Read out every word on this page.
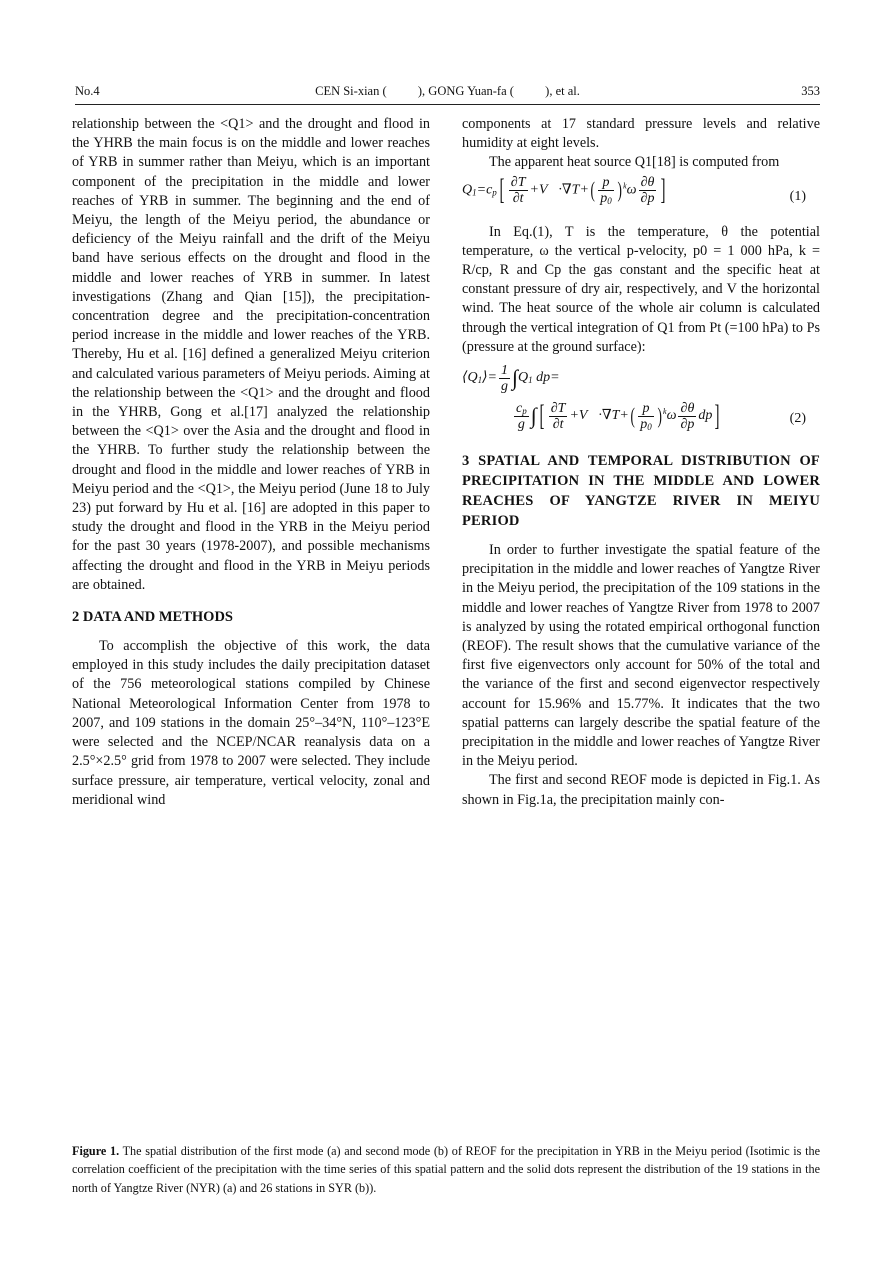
No.4	CEN Si-xian (          ), GONG Yuan-fa (          ), et al.	353

relationship between the <Q1> and the drought and flood in the YHRB the main focus is on the middle and lower reaches of YRB in summer rather than Meiyu, which is an important component of the precipitation in the middle and lower reaches of YRB in summer. The beginning and the end of Meiyu, the length of the Meiyu period, the abundance or deficiency of the Meiyu rainfall and the drift of the Meiyu band have serious effects on the drought and flood in the middle and lower reaches of YRB in summer. In latest investigations (Zhang and Qian [15]), the precipitation-concentration degree and the precipitation-concentration period increase in the middle and lower reaches of the YRB. Thereby, Hu et al. [16] defined a generalized Meiyu criterion and calculated various parameters of Meiyu periods. Aiming at the relationship between the <Q1> and the drought and flood in the YHRB, Gong et al.[17] analyzed the relationship between the <Q1> over the Asia and the drought and flood in the YHRB. To further study the relationship between the drought and flood in the middle and lower reaches of YRB in Meiyu period and the <Q1>, the Meiyu period (June 18 to July 23) put forward by Hu et al. [16] are adopted in this paper to study the drought and flood in the YRB in the Meiyu period for the past 30 years (1978-2007), and possible mechanisms affecting the drought and flood in the YRB in Meiyu periods are obtained.

2 DATA AND METHODS

To accomplish the objective of this work, the data employed in this study includes the daily precipitation dataset of the 756 meteorological stations compiled by Chinese National Meteorological Information Center from 1978 to 2007, and 109 stations in the domain 25°–34°N, 110°–123°E were selected and the NCEP/NCAR reanalysis data on a 2.5°×2.5° grid from 1978 to 2007 were selected. They include surface pressure, air temperature, vertical velocity, zonal and meridional wind

components at 17 standard pressure levels and relative humidity at eight levels.

The apparent heat source Q1[18] is computed from

$Q_1=c_p[ \frac{\partial T}{\partial t}$ +V⃗·∇T+( $\frac{p}{p_0} )^k\omega \frac{\partial\theta}{\partial p}$ ]	(1)

In Eq.(1), T is the temperature, θ the potential temperature, ω the vertical p-velocity, p0 = 1 000 hPa, k = R/cp, R and Cp the gas constant and the specific heat at constant pressure of dry air, respectively, and V the horizontal wind. The heat source of the whole air column is calculated through the vertical integration of Q1 from Pt (=100 hPa) to Ps (pressure at the ground surface):

$⟨Q_1⟩= \frac{1}{g} \int Q_1$ dp=
$\frac{c_p}{g}$ ∫[ $\frac{\partial T}{\partial t}$ +V⃗·∇T+( $\frac{p}{p_0} )^k\omega \frac{\partial\theta}{\partial p} dp$]	(2)
3 SPATIAL AND TEMPORAL DISTRIBUTION OF PRECIPITATION IN THE MIDDLE AND LOWER REACHES OF YANGTZE RIVER IN MEIYU PERIOD

In order to further investigate the spatial feature of the precipitation in the middle and lower reaches of Yangtze River in the Meiyu period, the precipitation of the 109 stations in the middle and lower reaches of Yangtze River from 1978 to 2007 is analyzed by using the rotated empirical orthogonal function (REOF). The result shows that the cumulative variance of the first five eigenvectors only account for 50% of the total and the variance of the first and second eigenvector respectively account for 15.96% and 15.77%. It indicates that the two spatial patterns can largely describe the spatial feature of the precipitation in the middle and lower reaches of Yangtze River in the Meiyu period.

The first and second REOF mode is depicted in Fig.1. As shown in Fig.1a, the precipitation mainly con-

Figure 1. The spatial distribution of the first mode (a) and second mode (b) of REOF for the precipitation in YRB in the Meiyu period (Isotimic is the correlation coefficient of the precipitation with the time series of this spatial pattern and the solid dots represent the distribution of the 19 stations in the north of Yangtze River (NYR) (a) and 26 stations in SYR (b)).
